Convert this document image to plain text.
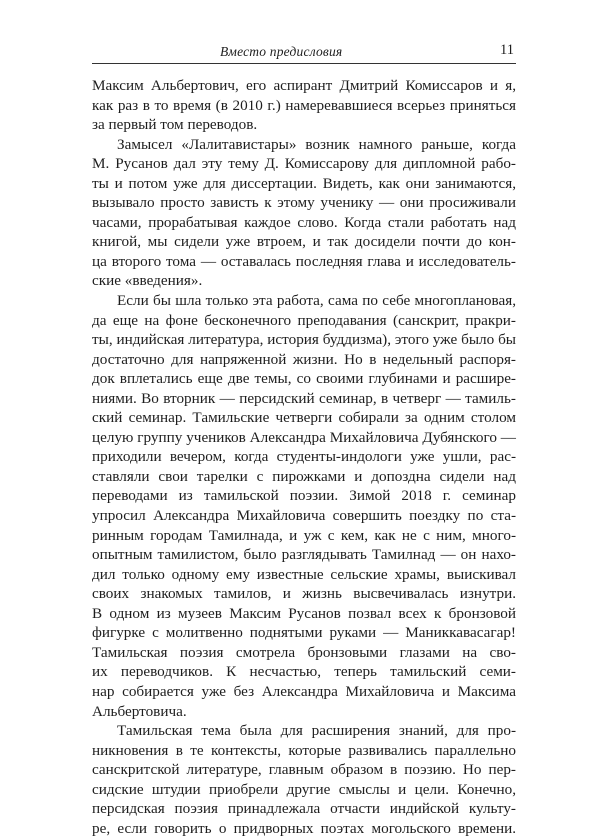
Вместо предисловия	11
Максим Альбертович, его аспирант Дмитрий Комиссаров и я,
как раз в то время (в 2010 г.) намеревавшиеся всерьез приняться
за первый том переводов.
Замысел «Лалитавистары» возник намного раньше, когда
М. Русанов дал эту тему Д. Комиссарову для дипломной рабо-
ты и потом уже для диссертации. Видеть, как они занимаются,
вызывало просто зависть к этому ученику — они просиживали
часами, прорабатывая каждое слово. Когда стали работать над
книгой, мы сидели уже втроем, и так досидели почти до кон-
ца второго тома — оставалась последняя глава и исследователь-
ские «введения».
Если бы шла только эта работа, сама по себе многоплановая,
да еще на фоне бесконечного преподавания (санскрит, пракри-
ты, индийская литература, история буддизма), этого уже было бы
достаточно для напряженной жизни. Но в недельный распоря-
док вплетались еще две темы, со своими глубинами и расшире-
ниями. Во вторник — персидский семинар, в четверг — тамиль-
ский семинар. Тамильские четверги собирали за одним столом
целую группу учеников Александра Михайловича Дубянского —
приходили вечером, когда студенты-индологи уже ушли, рас-
ставляли свои тарелки с пирожками и допоздна сидели над
переводами из тамильской поэзии. Зимой 2018 г. семинар
упросил Александра Михайловича совершить поездку по ста-
ринным городам Тамилнада, и уж с кем, как не с ним, много-
опытным тамилистом, было разглядывать Тамилнад — он нахо-
дил только одному ему известные сельские храмы, выискивал
своих знакомых тамилов, и жизнь высвечивалась изнутри.
В одном из музеев Максим Русанов позвал всех к бронзовой
фигурке с молитвенно поднятыми руками — Маниккавасагар!
Тамильская поэзия смотрела бронзовыми глазами на сво-
их переводчиков. К несчастью, теперь тамильский семи-
нар собирается уже без Александра Михайловича и Максима
Альбертовича.
Тамильская тема была для расширения знаний, для про-
никновения в те контексты, которые развивались параллельно
санскритской литературе, главным образом в поэзию. Но пер-
сидские штудии приобрели другие смыслы и цели. Конечно,
персидская поэзия принадлежала отчасти индийской культу-
ре, если говорить о придворных поэтах могольского времени.
